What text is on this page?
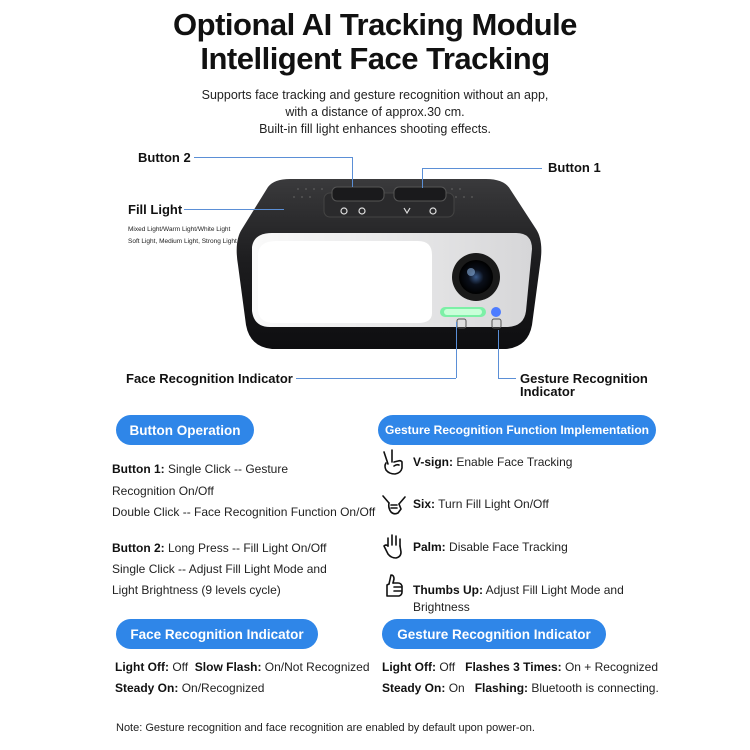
Optional AI Tracking Module
Intelligent Face Tracking
Supports face tracking and gesture recognition without an app,
with a distance of approx.30 cm.
Built-in fill light enhances shooting effects.
Button 2
Button 1
Fill Light
Mixed Light/Warm Light/White Light
Soft Light, Medium Light, Strong Light
Face Recognition Indicator	Gesture Recognition
Indicator
Button Operation
Button 1: Single Click -- Gesture
Recognition On/Off
Double Click -- Face Recognition Function On/Off
Button 2: Long Press -- Fill Light On/Off
Single Click -- Adjust Fill Light Mode and
Light Brightness (9 levels cycle)
Gesture Recognition Function Implementation
V-sign: Enable Face Tracking
Six: Turn Fill Light On/Off
Palm: Disable Face Tracking
Thumbs Up: Adjust Fill Light Mode and
Brightness
Face Recognition Indicator
Light Off: Off Slow Flash: On/Not Recognized
Steady On: On/Recognized
Gesture Recognition Indicator
Light Off: Off Flashes 3 Times: On + Recognized
Steady On: On Flashing: Bluetooth is connecting.
Note: Gesture recognition and face recognition are enabled by default upon power-on.
